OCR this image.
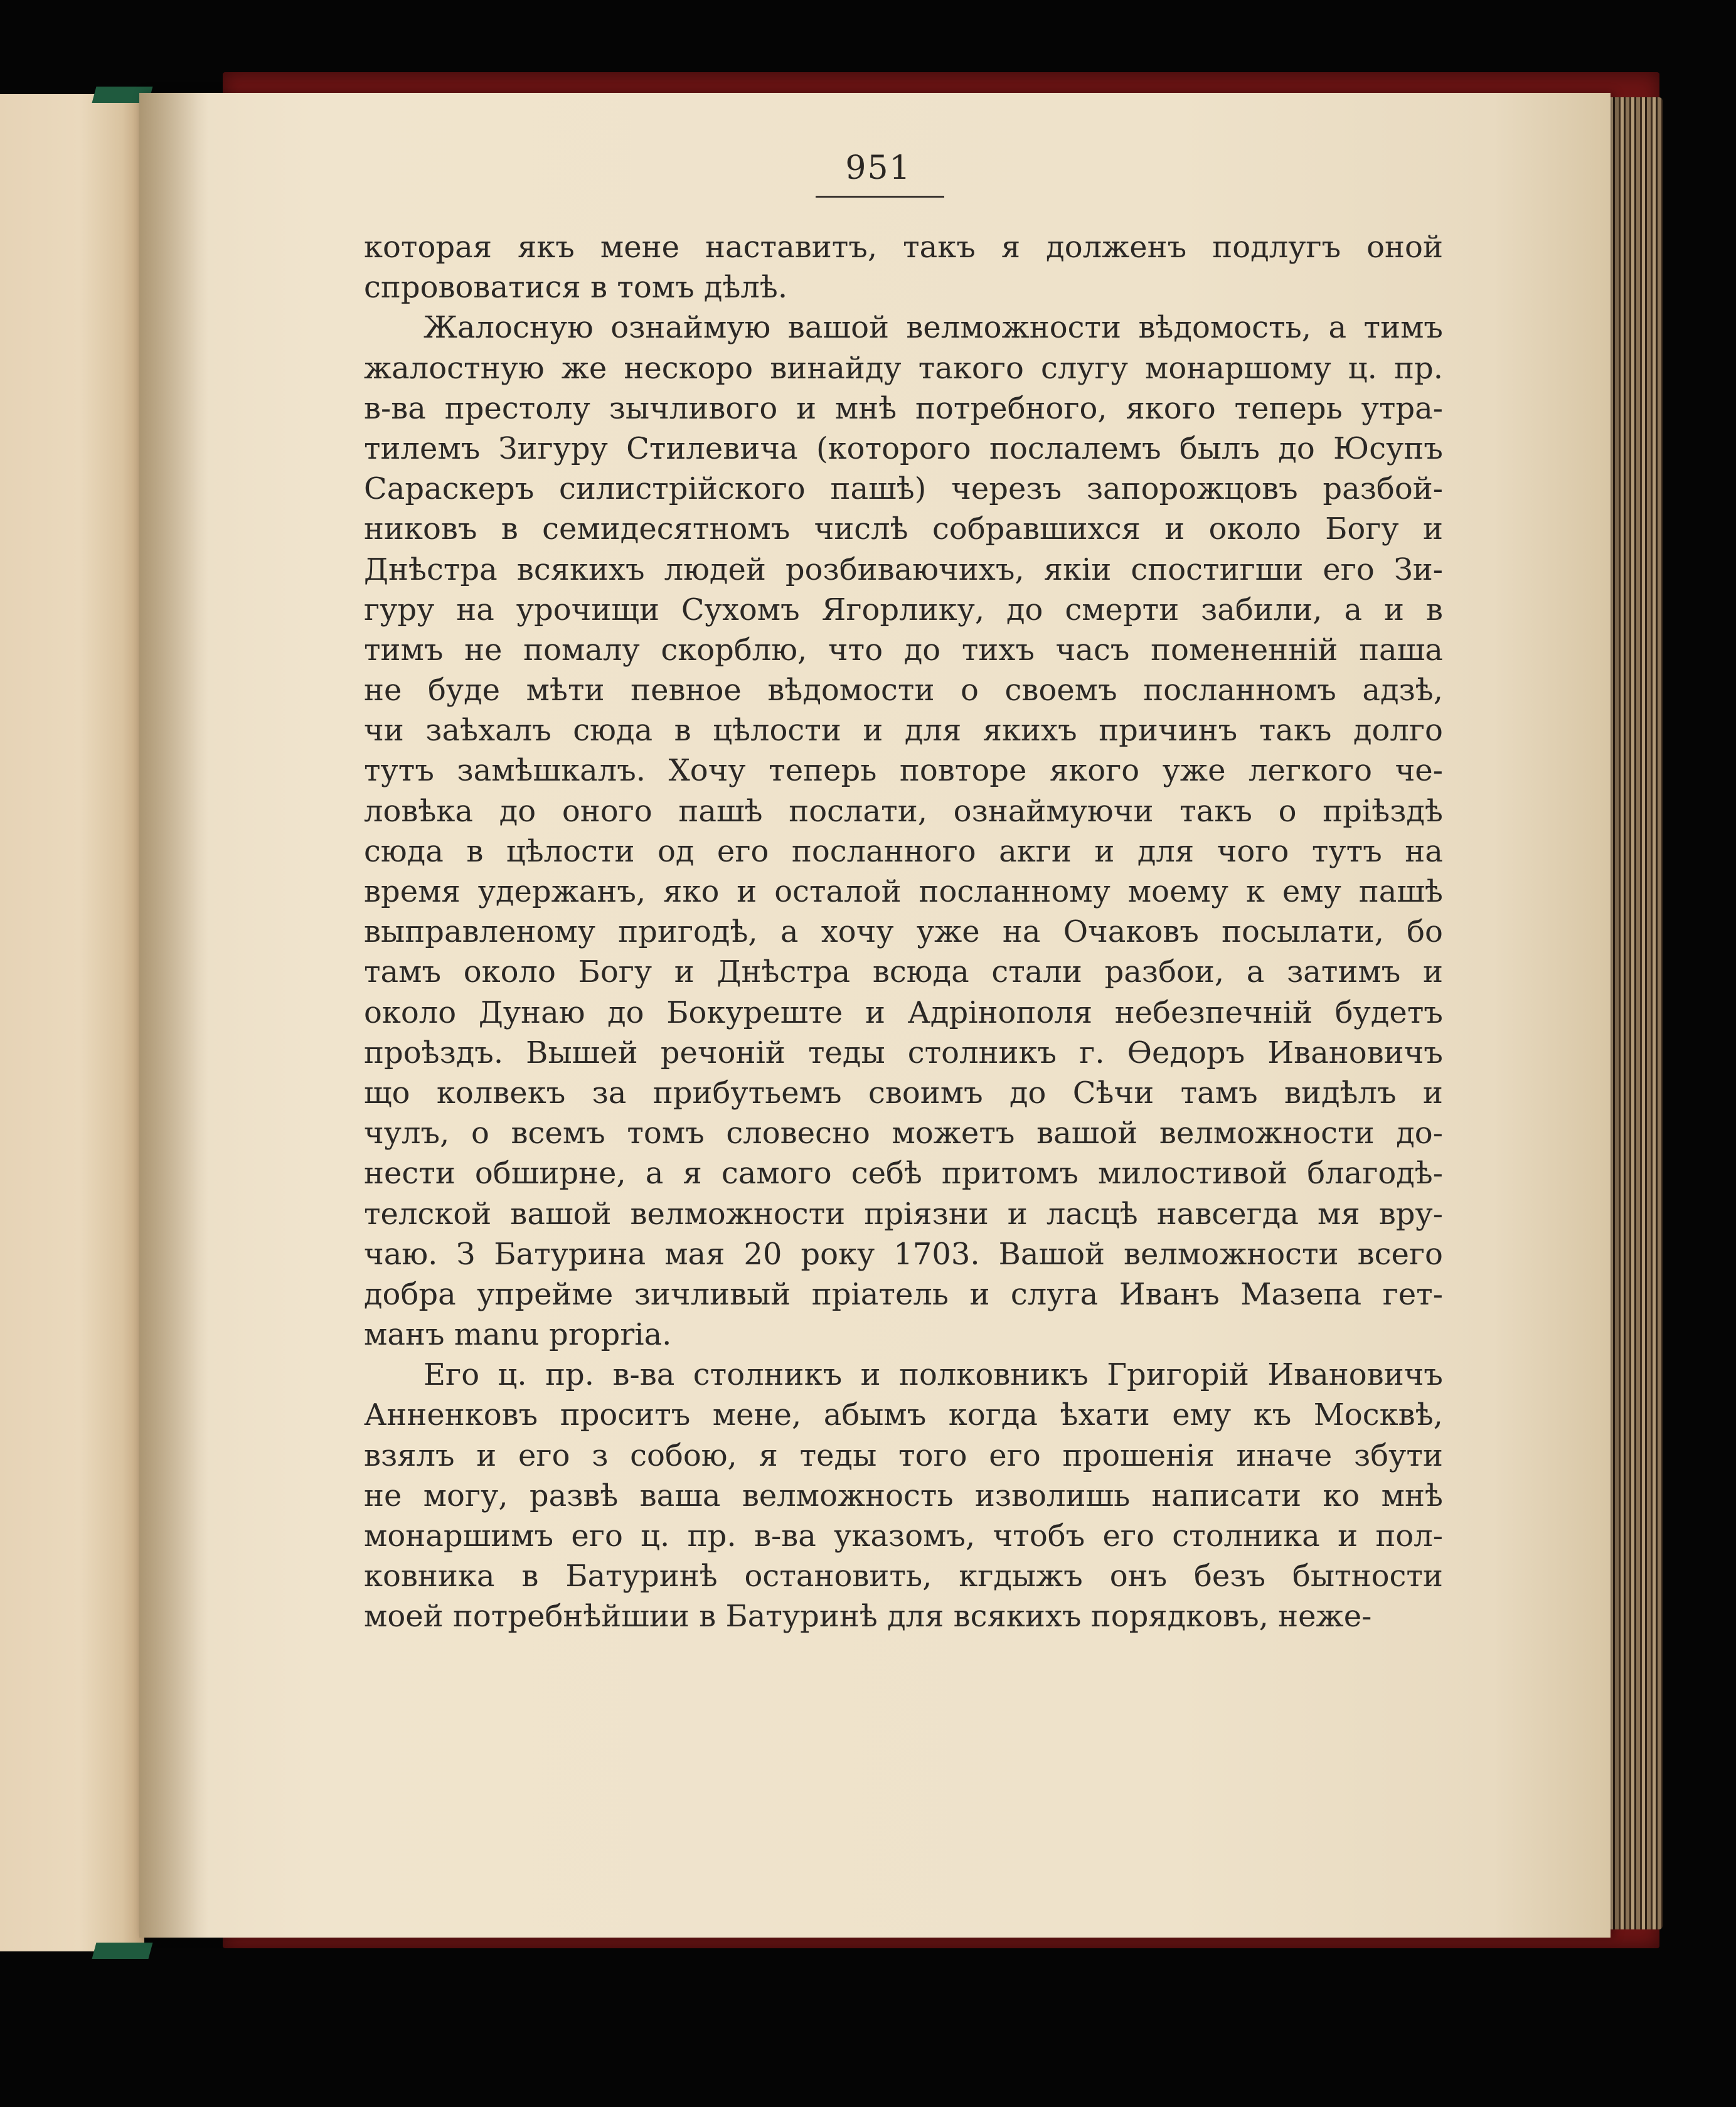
951
которая якъ мене наставитъ, такъ я долженъ подлугъ оной
спрововатися в томъ дѣлѣ.
Жалосную ознаймую вашой велможности вѣдомость, а тимъ
жалостную же нескоро винайду такого слугу монаршому ц. пр.
в-ва престолу зычливого и мнѣ потребного, якого теперь утра-
тилемъ Зигуру Стилевича (которого послалемъ былъ до Юсупъ
Сараскеръ силистрійского пашѣ) черезъ запорожцовъ разбой-
никовъ в семидесятномъ числѣ собравшихся и около Богу и
Днѣстра всякихъ людей розбиваючихъ, якіи спостигши его Зи-
гуру на урочищи Сухомъ Ягорлику, до смерти забили, а и в
тимъ не помалу скорблю, что до тихъ часъ помененній паша
не буде мѣти певное вѣдомости о своемъ посланномъ адзѣ,
чи заѣхалъ сюда в цѣлости и для якихъ причинъ такъ долго
тутъ замѣшкалъ. Хочу теперь повторе якого уже легкого че-
ловѣка до оного пашѣ послати, ознаймуючи такъ о пріѣздѣ
сюда в цѣлости од его посланного акги и для чого тутъ на
время удержанъ, яко и осталой посланному моему к ему пашѣ
выправленому пригодѣ, а хочу уже на Очаковъ посылати, бо
тамъ около Богу и Днѣстра всюда стали разбои, а затимъ и
около Дунаю до Бокуреште и Адрінополя небезпечній будетъ
проѣздъ. Вышей речоній теды столникъ г. Ѳедоръ Ивановичъ
що колвекъ за прибутьемъ своимъ до Сѣчи тамъ видѣлъ и
чулъ, о всемъ томъ словесно можетъ вашой велможности до-
нести обширне, а я самого себѣ притомъ милостивой благодѣ-
телской вашой велможности пріязни и ласцѣ навсегда мя вру-
чаю. З Батурина мая 20 року 1703. Вашой велможности всего
добра упрейме зичливый пріатель и слуга Иванъ Мазепа гет-
манъ manu propria.
Его ц. пр. в-ва столникъ и полковникъ Григорій Ивановичъ
Анненковъ проситъ мене, абымъ когда ѣхати ему къ Москвѣ,
взялъ и его з собою, я теды того его прошенія иначе збути
не могу, развѣ ваша велможность изволишь написати ко мнѣ
монаршимъ его ц. пр. в-ва указомъ, чтобъ его столника и пол-
ковника в Батуринѣ остановить, кгдыжъ онъ безъ бытности
моей потребнѣйшии в Батуринѣ для всякихъ порядковъ, неже-
